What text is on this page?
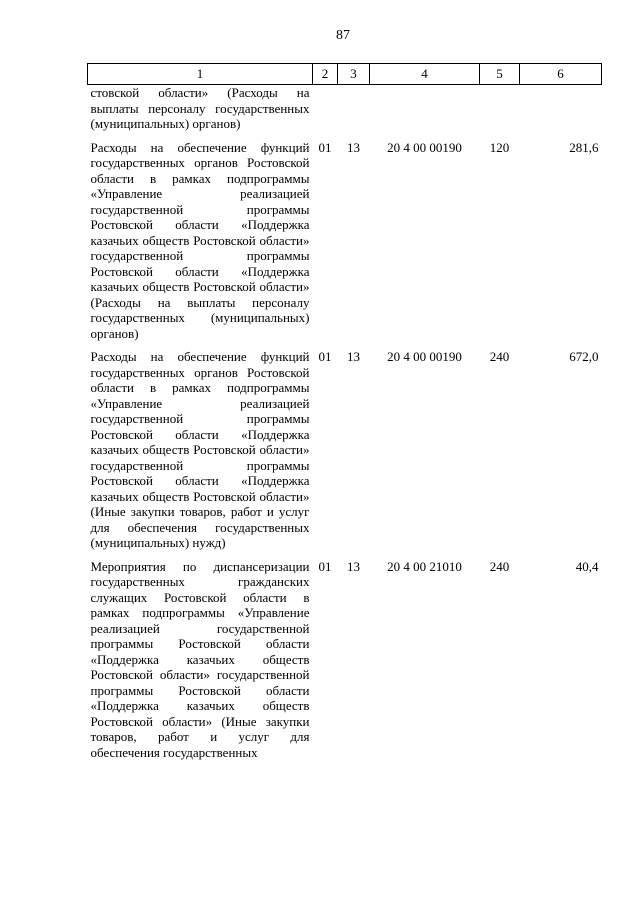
87
1	2	3	4	5	6
стовской области» (Расходы на выплаты персоналу государственных (муниципальных) органов)					
Расходы на обеспечение функций государственных органов Ростовской области в рамках подпрограммы «Управление реализацией государственной программы Ростовской области «Поддержка казачьих обществ Ростовской области» государственной программы Ростовской области «Поддержка казачьих обществ Ростовской области» (Расходы на выплаты персоналу государственных (муниципальных) органов)	01	13	20 4 00 00190	120	281,6
Расходы на обеспечение функций государственных органов Ростовской области в рамках подпрограммы «Управление реализацией государственной программы Ростовской области «Поддержка казачьих обществ Ростовской области» государственной программы Ростовской области «Поддержка казачьих обществ Ростовской области» (Иные закупки товаров, работ и услуг для обеспечения государственных (муниципальных) нужд)	01	13	20 4 00 00190	240	672,0
Мероприятия по диспансеризации государственных гражданских служащих Ростовской области в рамках подпрограммы «Управление реализацией государственной программы Ростовской области «Поддержка казачьих обществ Ростовской области» государственной программы Ростовской области «Поддержка казачьих обществ Ростовской области» (Иные закупки товаров, работ и услуг для обеспечения государственных	01	13	20 4 00 21010	240	40,4
